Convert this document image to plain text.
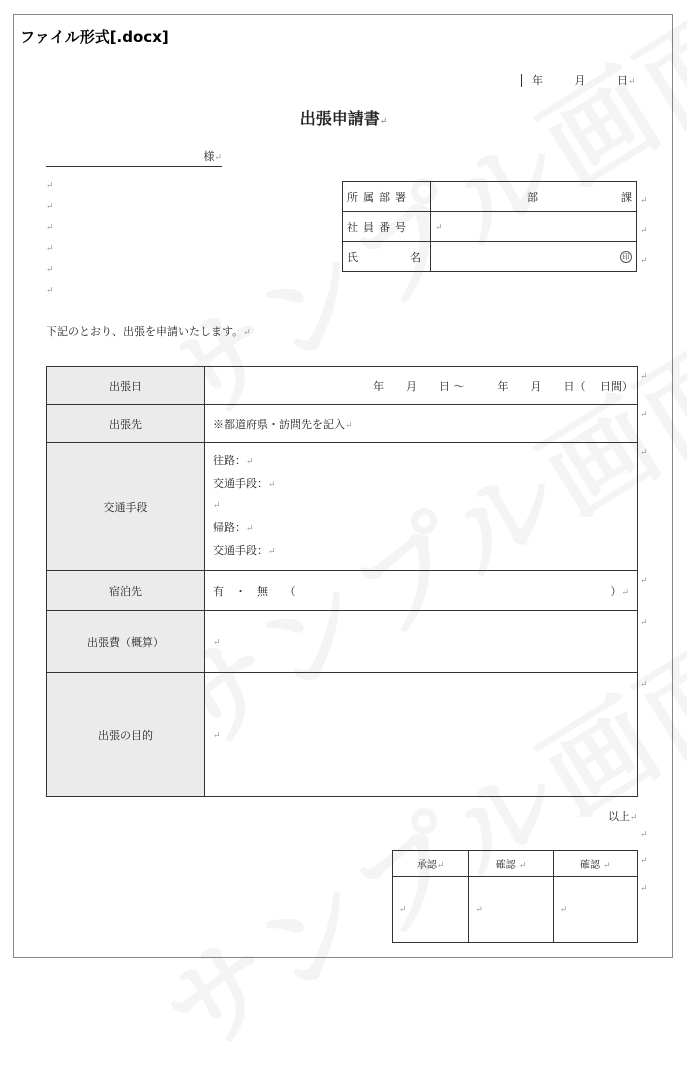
ファイル形式[.docx]
年	月	日↵
出張申請書↵
様↵
↵
↵
↵
↵
↵
↵
所属部署	部 課

社員番号	↵
氏 名	印
↵
↵
↵
下記のとおり、出張を申請いたします。↵
出張日	年　　月　　日 ～　　　年　　月　　日（　 日間）
出張先	※都道府県・訪問先を記入↵
交通手段	往路：↵
交通手段：↵
↵
帰路：↵
交通手段：↵

宿泊先	有　・　無　　（ ）↵

出張費（概算）	↵
出張の目的	↵
↵
↵
↵
↵
↵
↵
以上↵
↵
承認↵	確認 ↵	確認 ↵
↵	↵	↵
↵
↵
